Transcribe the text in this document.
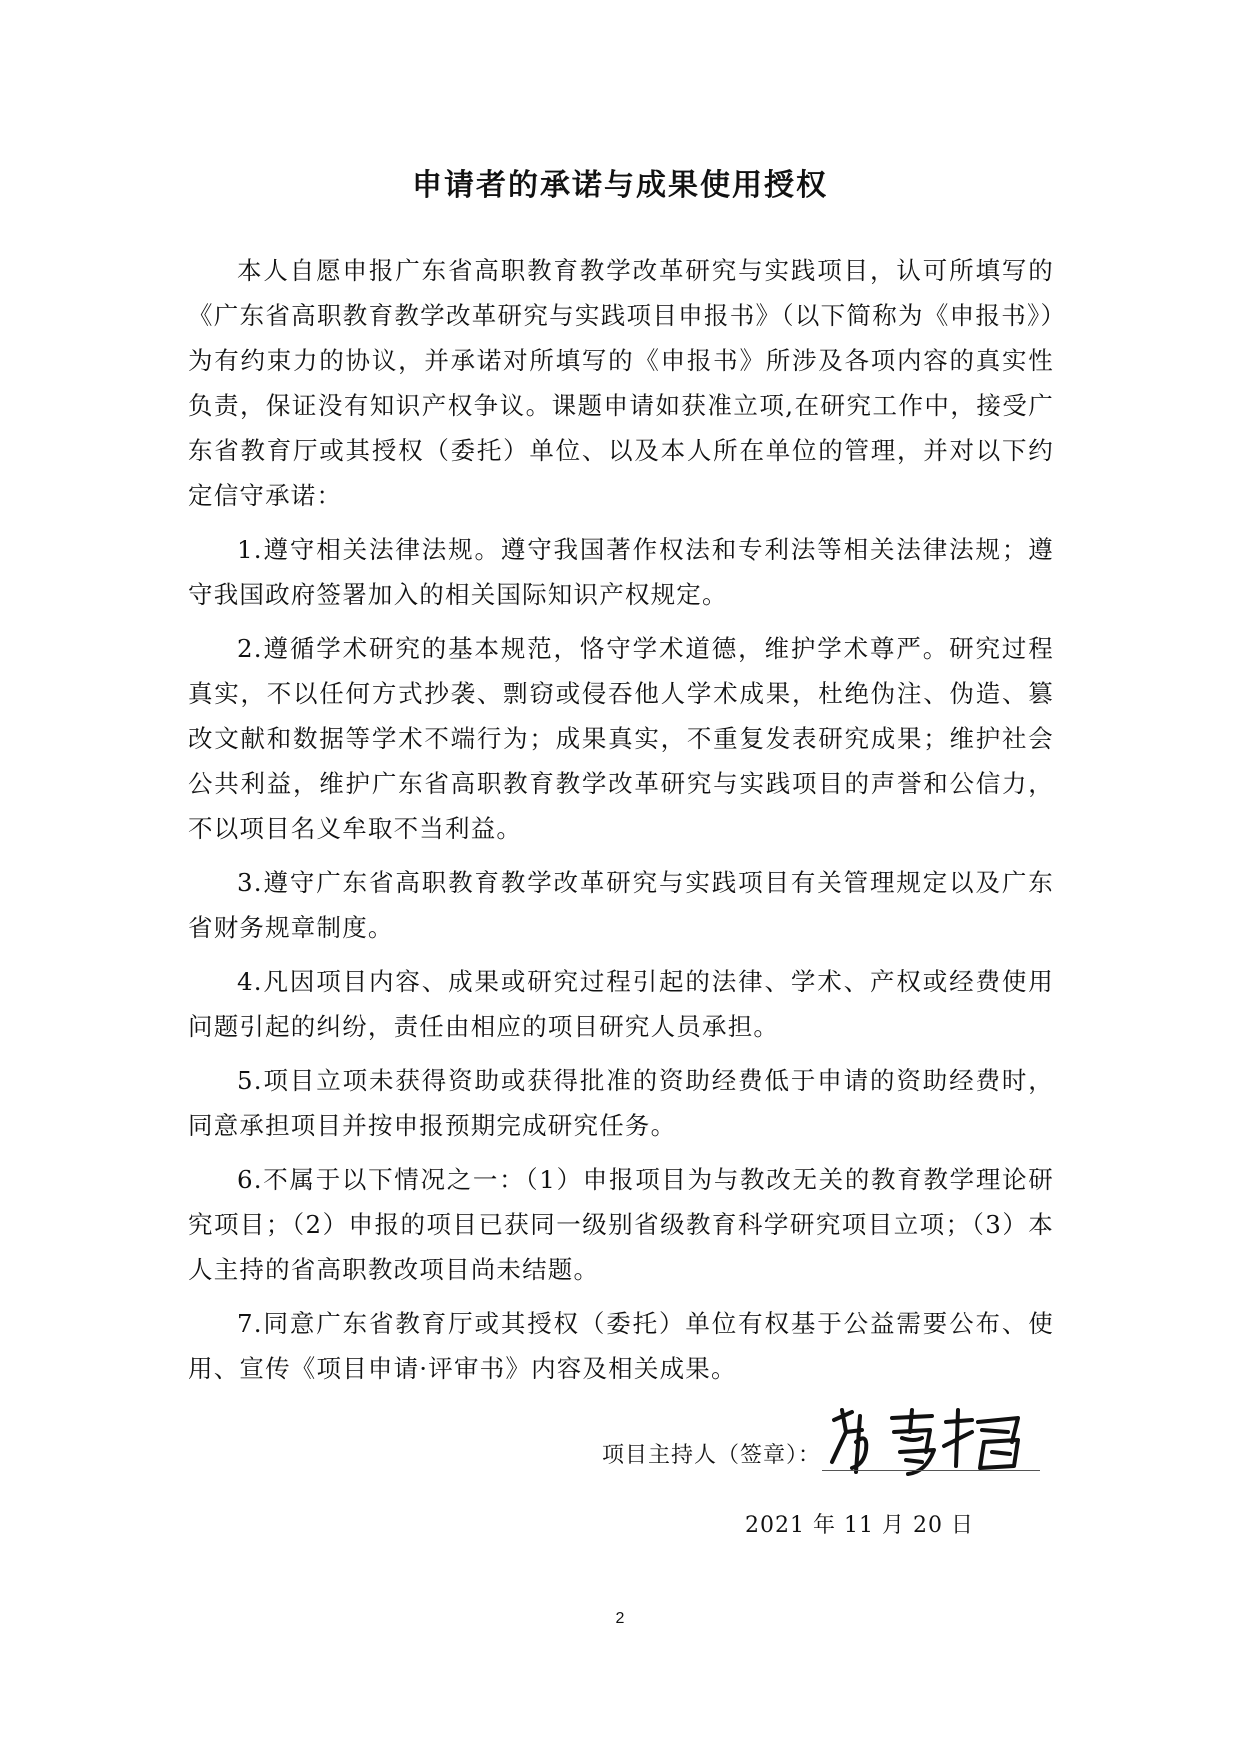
申请者的承诺与成果使用授权

本人自愿申报广东省高职教育教学改革研究与实践项目，认可所填写的《广东省高职教育教学改革研究与实践项目申报书》（以下简称为《申报书》）为有约束力的协议，并承诺对所填写的《申报书》所涉及各项内容的真实性负责，保证没有知识产权争议。课题申请如获准立项,在研究工作中，接受广东省教育厅或其授权（委托）单位、以及本人所在单位的管理，并对以下约定信守承诺：

1.遵守相关法律法规。遵守我国著作权法和专利法等相关法律法规；遵守我国政府签署加入的相关国际知识产权规定。

2.遵循学术研究的基本规范，恪守学术道德，维护学术尊严。研究过程真实，不以任何方式抄袭、剽窃或侵吞他人学术成果，杜绝伪注、伪造、篡改文献和数据等学术不端行为；成果真实，不重复发表研究成果；维护社会公共利益，维护广东省高职教育教学改革研究与实践项目的声誉和公信力，不以项目名义牟取不当利益。

3.遵守广东省高职教育教学改革研究与实践项目有关管理规定以及广东省财务规章制度。

4.凡因项目内容、成果或研究过程引起的法律、学术、产权或经费使用问题引起的纠纷，责任由相应的项目研究人员承担。

5.项目立项未获得资助或获得批准的资助经费低于申请的资助经费时，同意承担项目并按申报预期完成研究任务。

6.不属于以下情况之一：（1）申报项目为与教改无关的教育教学理论研究项目；（2）申报的项目已获同一级别省级教育科学研究项目立项；（3）本人主持的省高职教改项目尚未结题。

7.同意广东省教育厅或其授权（委托）单位有权基于公益需要公布、使用、宣传《项目申请·评审书》内容及相关成果。

项目主持人（签章）：
2021 年 11 月 20 日
2
